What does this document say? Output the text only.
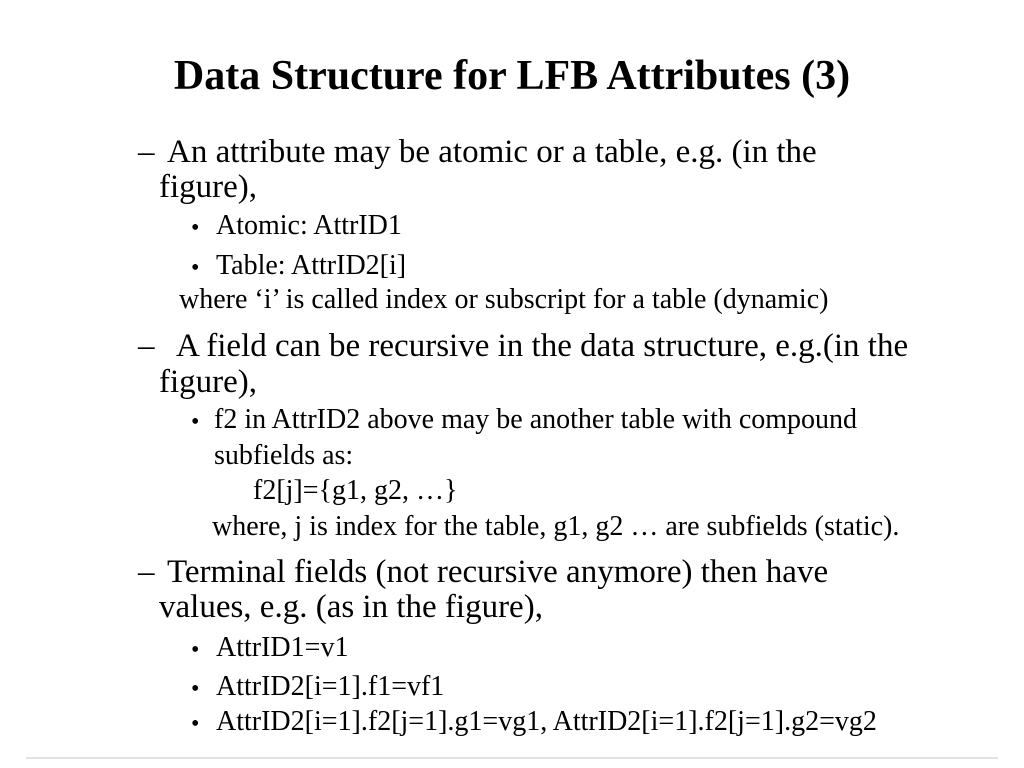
Data Structure for LFB Attributes (3)
– An attribute may be atomic or a table, e.g. (in the
figure),
• Atomic: AttrID1
• Table: AttrID2[i]
where ‘i’ is called index or subscript for a table (dynamic)
– A field can be recursive in the data structure, e.g.(in the
figure),
• f2 in AttrID2 above may be another table with compound
subfields as:
f2[j]={g1, g2, …}
where, j is index for the table, g1, g2 … are subfields (static).
– Terminal fields (not recursive anymore) then have
values, e.g. (as in the figure),
• AttrID1=v1
• AttrID2[i=1].f1=vf1
• AttrID2[i=1].f2[j=1].g1=vg1, AttrID2[i=1].f2[j=1].g2=vg2
